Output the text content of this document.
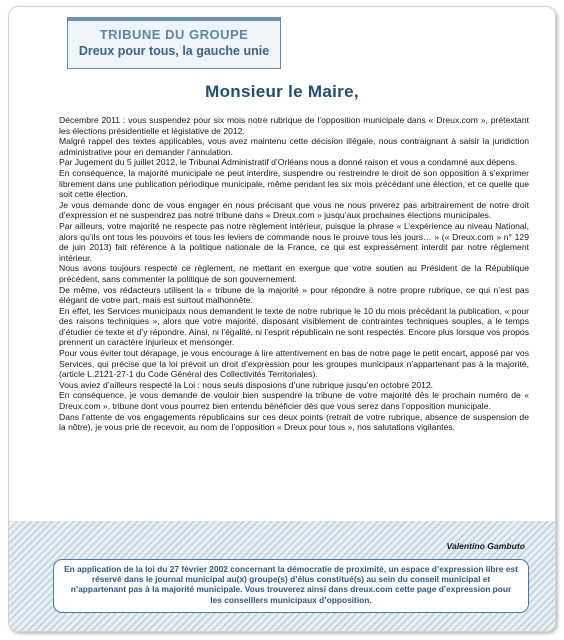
TRIBUNE DU GROUPE
Dreux pour tous, la gauche unie
Monsieur le Maire,

Décembre 2011 : vous suspendez pour six mois notre rubrique de l’opposition municipale dans « Dreux.com », prétextant les élections présidentielle et législative de 2012.

Malgré rappel des textes applicables, vous avez maintenu cette décision illégale, nous contraignant à saisir la juridiction administrative pour en demander l’annulation.

Par Jugement du 5 juillet 2012, le Tribunal Administratif d’Orléans nous a donné raison et vous a condamné aux dépens.

En conséquence, la majorité municipale ne peut interdire, suspendre ou restreindre le droit de son opposition à s’exprimer librement dans une publication périodique municipale, même pendant les six mois précédant une élection, et ce quelle que soit cette élection.

Je vous demande donc de vous engager en nous précisant que vous ne nous priverez pas arbitrairement de notre droit d’expression et ne suspendrez pas notre tribune dans « Dreux.com » jusqu’aux prochaines élections municipales.

Par ailleurs, votre majorité ne respecte pas notre règlement intérieur, puisque la phrase « L’expérience au niveau National, alors qu’ils ont tous les pouvoirs et tous les leviers de commande nous le prouve tous les jours… » (« Dreux.com » n° 129 de juin 2013) fait référence à la politique nationale de la France, ce qui est expressément interdit par notre règlement intérieur.

Nous avons toujours respecté ce règlement, ne mettant en exergue que votre soutien au Président de la République précédent, sans commenter la politique de son gouvernement.

De même, vos rédacteurs utilisent la « tribune de la majorité » pour répondre à notre propre rubrique, ce qui n’est pas élégant de votre part, mais est surtout malhonnête.

En effet, les Services municipaux nous demandent le texte de notre rubrique le 10 du mois précédant la publication, « pour des raisons techniques », alors que votre majorité, disposant visiblement de contraintes techniques souples, a le temps d’étudier ce texte et d’y répondre. Ainsi, ni l’égalité, ni l’esprit républicain ne sont respectés. Encore plus lorsque vos propos prennent un caractère injurieux et mensonger.

Pour vous éviter tout dérapage, je vous encourage à lire attentivement en bas de notre page le petit encart, apposé par vos Services, qui précise que la loi prévoit un droit d’expression pour les groupes municipaux n’appartenant pas à la majorité, (article L.2121-27-1 du Code Général des Collectivités Territoriales).

Vous aviez d’ailleurs respecté la Loi : nous seuls disposions d’une rubrique jusqu’en octobre 2012.

En conséquence, je vous demande de vouloir bien suspendre la tribune de votre majorité dès le prochain numéro de « Dreux.com », tribune dont vous pourrez bien entendu bénéficier dès que vous serez dans l’opposition municipale.

Dans l’attente de vos engagements républicains sur ces deux points (retrait de votre rubrique, absence de suspension de la nôtre), je vous prie de recevoir, au nom de l’opposition « Dreux pour tous », nos salutations vigilantes.

Valentino Gambuto
En application de la loi du 27 février 2002 concernant la démocratie de proximité, un espace d’expression libre est réservé dans le journal municipal au(x) groupe(s) d’élus constitué(s) au sein du conseil municipal et n’appartenant pas à la majorité municipale. Vous trouverez ainsi dans dreux.com cette page d’expression pour les conseillers municipaux d’opposition.
